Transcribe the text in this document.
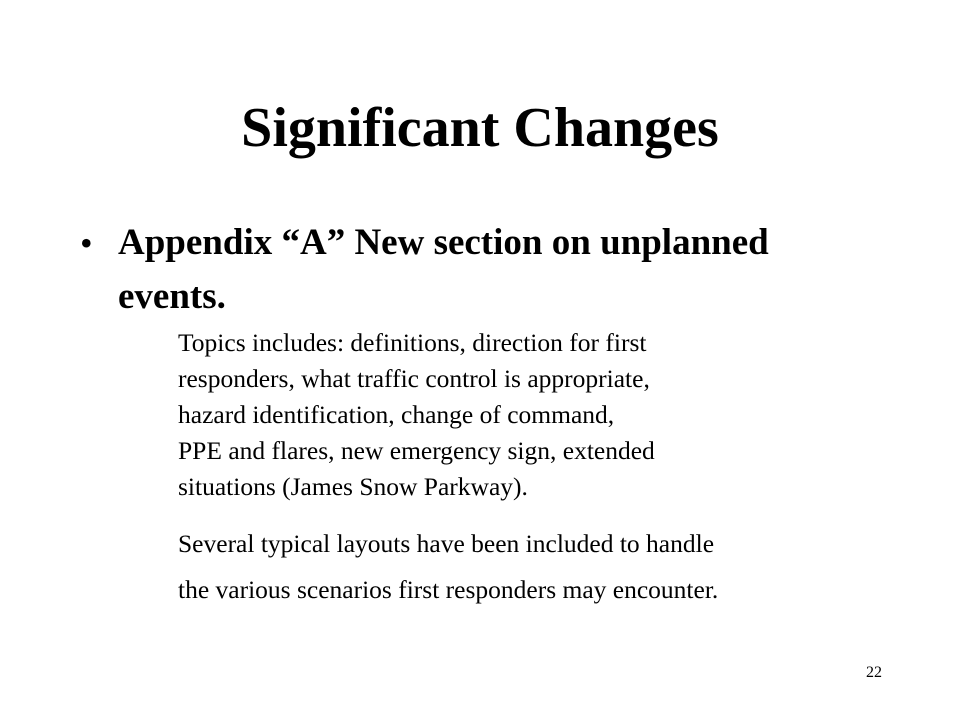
Significant Changes
• Appendix “A” New section on unplanned
events.

Topics includes: definitions, direction for first
responders, what traffic control is appropriate,
hazard identification, change of command,
PPE and flares, new emergency sign, extended
situations (James Snow Parkway).

Several typical layouts have been included to handle

the various scenarios first responders may encounter.

22
